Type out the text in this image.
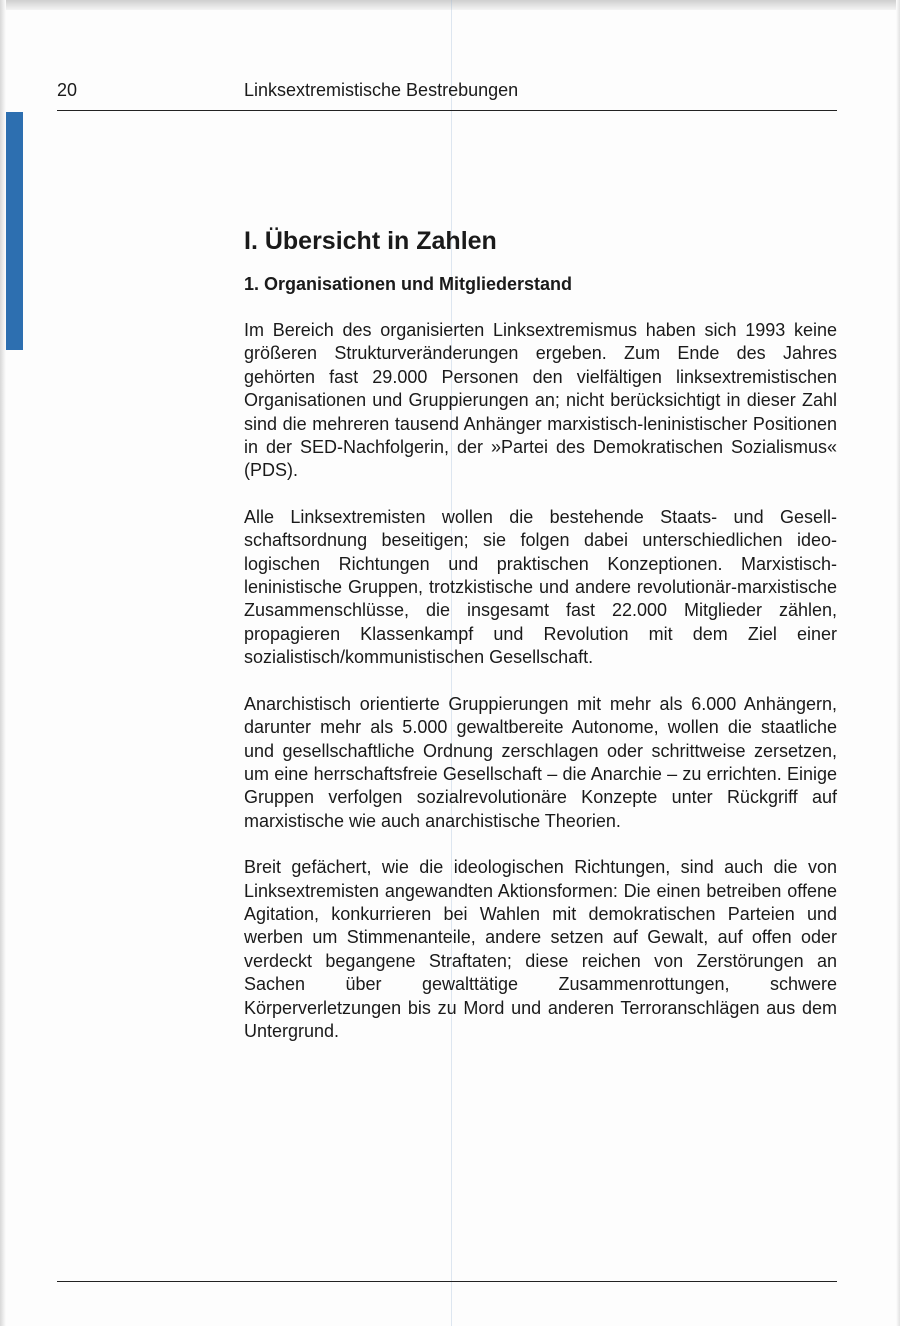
20	Linksextremistische Bestrebungen
I. Übersicht in Zahlen
1. Organisationen und Mitgliederstand

Im Bereich des organisierten Linksextremismus haben sich 1993 keine größeren Strukturveränderungen ergeben. Zum Ende des Jahres gehörten fast 29.000 Personen den vielfältigen linksextremistischen Organisationen und Gruppierungen an; nicht berücksichtigt in dieser Zahl sind die mehreren tausend Anhänger marxistisch-leninistischer Positionen in der SED-Nachfolgerin, der »Partei des Demokratischen Sozialismus« (PDS).

Alle Linksextremisten wollen die bestehende Staats- und Gesellschaftsordnung beseitigen; sie folgen dabei unterschiedlichen ideologischen Richtungen und praktischen Konzeptionen. Marxistisch-leninistische Gruppen, trotzkistische und andere revolutionär-marxistische Zusammenschlüsse, die insgesamt fast 22.000 Mitglieder zählen, propagieren Klassenkampf und Revolution mit dem Ziel einer sozialistisch/kommunistischen Gesellschaft.

Anarchistisch orientierte Gruppierungen mit mehr als 6.000 Anhängern, darunter mehr als 5.000 gewaltbereite Autonome, wollen die staatliche und gesellschaftliche Ordnung zerschlagen oder schrittweise zersetzen, um eine herrschaftsfreie Gesellschaft – die Anarchie – zu errichten. Einige Gruppen verfolgen sozialrevolutionäre Konzepte unter Rückgriff auf marxistische wie auch anarchistische Theorien.

Breit gefächert, wie die ideologischen Richtungen, sind auch die von Linksextremisten angewandten Aktionsformen: Die einen betreiben offene Agitation, konkurrieren bei Wahlen mit demokratischen Parteien und werben um Stimmenanteile, andere setzen auf Gewalt, auf offen oder verdeckt begangene Straftaten; diese reichen von Zerstörungen an Sachen über gewalttätige Zusammenrottungen, schwere Körperverletzungen bis zu Mord und anderen Terroranschlägen aus dem Untergrund.
